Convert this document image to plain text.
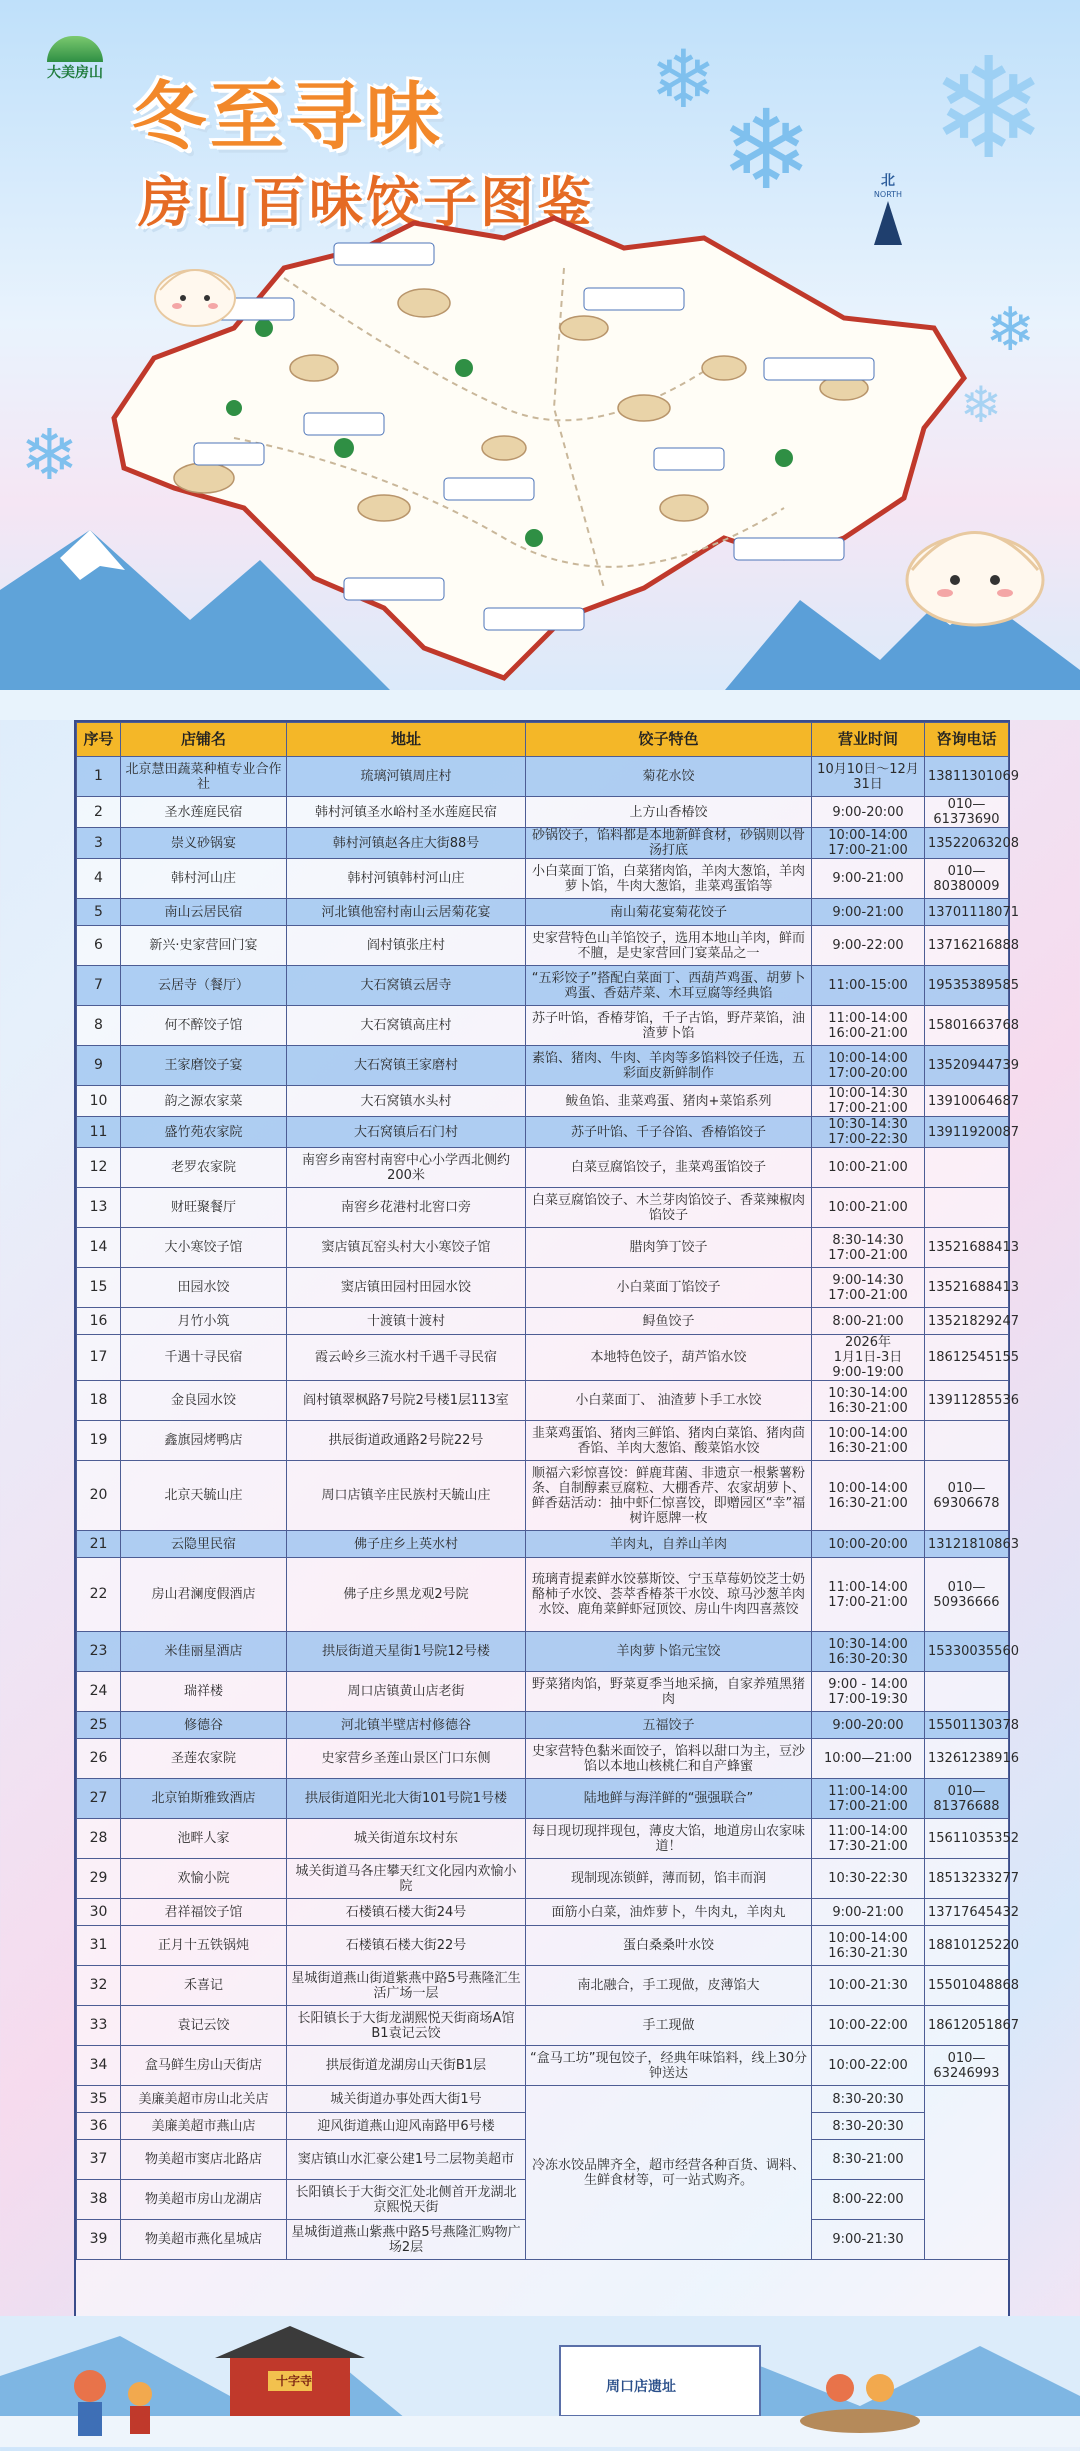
大美房山	❄
❄ ❄
❄
❄
❄
冬至寻味
房山百味饺子图鉴	北
NORTH
序号	店铺名	地址	饺子特色	营业时间	咨询电话
1	北京慧田蔬菜种植专业合作社	琉璃河镇周庄村	菊花水饺	10月10日～12月31日	13811301069
2	圣水莲庭民宿	韩村河镇圣水峪村圣水莲庭民宿	上方山香椿饺	9:00-20:00	010—61373690
3	崇义砂锅宴	韩村河镇赵各庄大街88号	砂锅饺子，馅料都是本地新鲜食材，砂锅则以骨汤打底	10:00-14:00
17:00-21:00	13522063208
4	韩村河山庄	韩村河镇韩村河山庄	小白菜面丁馅，白菜猪肉馅，羊肉大葱馅，羊肉萝卜馅，牛肉大葱馅，韭菜鸡蛋馅等	9:00-21:00	010—80380009
5	南山云居民宿	河北镇他窑村南山云居菊花宴	南山菊花宴菊花饺子	9:00-21:00	13701118071
6	新兴·史家营回门宴	阎村镇张庄村	史家营特色山羊馅饺子，选用本地山羊肉，鲜而不膻，是史家营回门宴菜品之一	9:00-22:00	13716216888
7	云居寺（餐厅）	大石窝镇云居寺	“五彩饺子”搭配白菜面丁、西葫芦鸡蛋、胡萝卜鸡蛋、香菇芹菜、木耳豆腐等经典馅	11:00-15:00	19535389585
8	何不醉饺子馆	大石窝镇高庄村	苏子叶馅，香椿芽馅，千子古馅，野芹菜馅，油渣萝卜馅	11:00-14:00
16:00-21:00	15801663768
9	王家磨饺子宴	大石窝镇王家磨村	素馅、猪肉、牛肉、羊肉等多馅料饺子任选，五彩面皮新鲜制作	10:00-14:00
17:00-20:00	13520944739
10	韵之源农家菜	大石窝镇水头村	鲅鱼馅、韭菜鸡蛋、猪肉+菜馅系列	10:00-14:30
17:00-21:00	13910064687
11	盛竹苑农家院	大石窝镇后石门村	苏子叶馅、千子谷馅、香椿馅饺子	10:30-14:30
17:00-22:30	13911920087
12	老罗农家院	南窖乡南窖村南窖中心小学西北侧约200米	白菜豆腐馅饺子，韭菜鸡蛋馅饺子	10:00-21:00	
13	财旺聚餐厅	南窖乡花港村北窖口旁	白菜豆腐馅饺子、木兰芽肉馅饺子、香菜辣椒肉馅饺子	10:00-21:00	
14	大小寒饺子馆	窦店镇瓦窑头村大小寒饺子馆	腊肉笋丁饺子	8:30-14:30
17:00-21:00	13521688413
15	田园水饺	窦店镇田园村田园水饺	小白菜面丁馅饺子	9:00-14:30
17:00-21:00	13521688413
16	月竹小筑	十渡镇十渡村	鲟鱼饺子	8:00-21:00	13521829247
17	千遇十寻民宿	霞云岭乡三流水村千遇千寻民宿	本地特色饺子，葫芦馅水饺	2026年
1月1日-3日
9:00-19:00	18612545155
18	金良园水饺	阎村镇翠枫路7号院2号楼1层113室	小白菜面丁、 油渣萝卜手工水饺	10:30-14:00
16:30-21:00	13911285536
19	鑫旗园烤鸭店	拱辰街道政通路2号院22号	韭菜鸡蛋馅、猪肉三鲜馅、猪肉白菜馅、猪肉茴香馅、羊肉大葱馅、酸菜馅水饺	10:00-14:00
16:30-21:00	
20	北京天毓山庄	周口店镇辛庄民族村天毓山庄	顺福六彩惊喜饺：鲜鹿茸菌、非遗京一根紫薯粉条、自制醇素豆腐粒、大棚香芹、农家胡萝卜、鲜香菇活动：抽中虾仁惊喜饺，即赠园区“幸”福树许愿牌一枚	10:00-14:00
16:30-21:00	010—69306678
21	云隐里民宿	佛子庄乡上英水村	羊肉丸，自养山羊肉	10:00-20:00	13121810863
22	房山君澜度假酒店	佛子庄乡黑龙观2号院	琉璃青提素鲜水饺慕斯饺、宁玉草莓奶饺芝士奶酪柿子水饺、荟萃香椿茶干水饺、琼马沙葱羊肉水饺、鹿角菜鲜虾冠顶饺、房山牛肉四喜蒸饺	11:00-14:00
17:00-21:00	010—50936666
23	米佳丽星酒店	拱辰街道天星街1号院12号楼	羊肉萝卜馅元宝饺	10:30-14:00
16:30-20:30	15330035560
24	瑞祥楼	周口店镇黄山店老街	野菜猪肉馅，野菜夏季当地采摘，自家养殖黑猪肉	9:00 - 14:00
17:00-19:30	
25	修德谷	河北镇半壁店村修德谷	五福饺子	9:00-20:00	15501130378
26	圣莲农家院	史家营乡圣莲山景区门口东侧	史家营特色黏米面饺子，馅料以甜口为主，豆沙馅以本地山核桃仁和自产蜂蜜	10:00—21:00	13261238916
27	北京铂斯雅致酒店	拱辰街道阳光北大街101号院1号楼	陆地鲜与海洋鲜的“强强联合”	11:00-14:00
17:00-21:00	010—81376688
28	池畔人家	城关街道东坟村东	每日现切现拌现包，薄皮大馅，地道房山农家味道！	11:00-14:00
17:30-21:00	15611035352
29	欢愉小院	城关街道马各庄攀天红文化园内欢愉小院	现制现冻锁鲜，薄而韧，馅丰而润	10:30-22:30	18513233277
30	君祥福饺子馆	石楼镇石楼大街24号	面筋小白菜，油炸萝卜，牛肉丸，羊肉丸	9:00-21:00	13717645432
31	正月十五铁锅炖	石楼镇石楼大街22号	蛋白桑桑叶水饺	10:00-14:00
16:30-21:30	18810125220
32	禾喜记	星城街道燕山街道紫燕中路5号燕隆汇生活广场一层	南北融合，手工现做，皮薄馅大	10:00-21:30	15501048868
33	袁记云饺	长阳镇长于大街龙湖熙悦天街商场A馆B1袁记云饺	手工现做	10:00-22:00	18612051867
34	盒马鲜生房山天街店	拱辰街道龙湖房山天街B1层	“盒马工坊”现包饺子，经典年味馅料，线上30分钟送达	10:00-22:00	010—63246993
35	美廉美超市房山北关店	城关街道办事处西大街1号	冷冻水饺品牌齐全，超市经营各种百货、调料、生鲜食材等，可一站式购齐。	8:30-20:30	
36	美廉美超市燕山店	迎风街道燕山迎风南路甲6号楼		8:30-20:30	
37	物美超市窦店北路店	窦店镇山水汇豪公建1号二层物美超市		8:30-21:00	
38	物美超市房山龙湖店	长阳镇长于大街交汇处北侧首开龙湖北京熙悦天街		8:00-22:00	
39	物美超市燕化星城店	星城街道燕山紫燕中路5号燕隆汇购物广场2层		9:00-21:30	
十字寺	周口店遗址
